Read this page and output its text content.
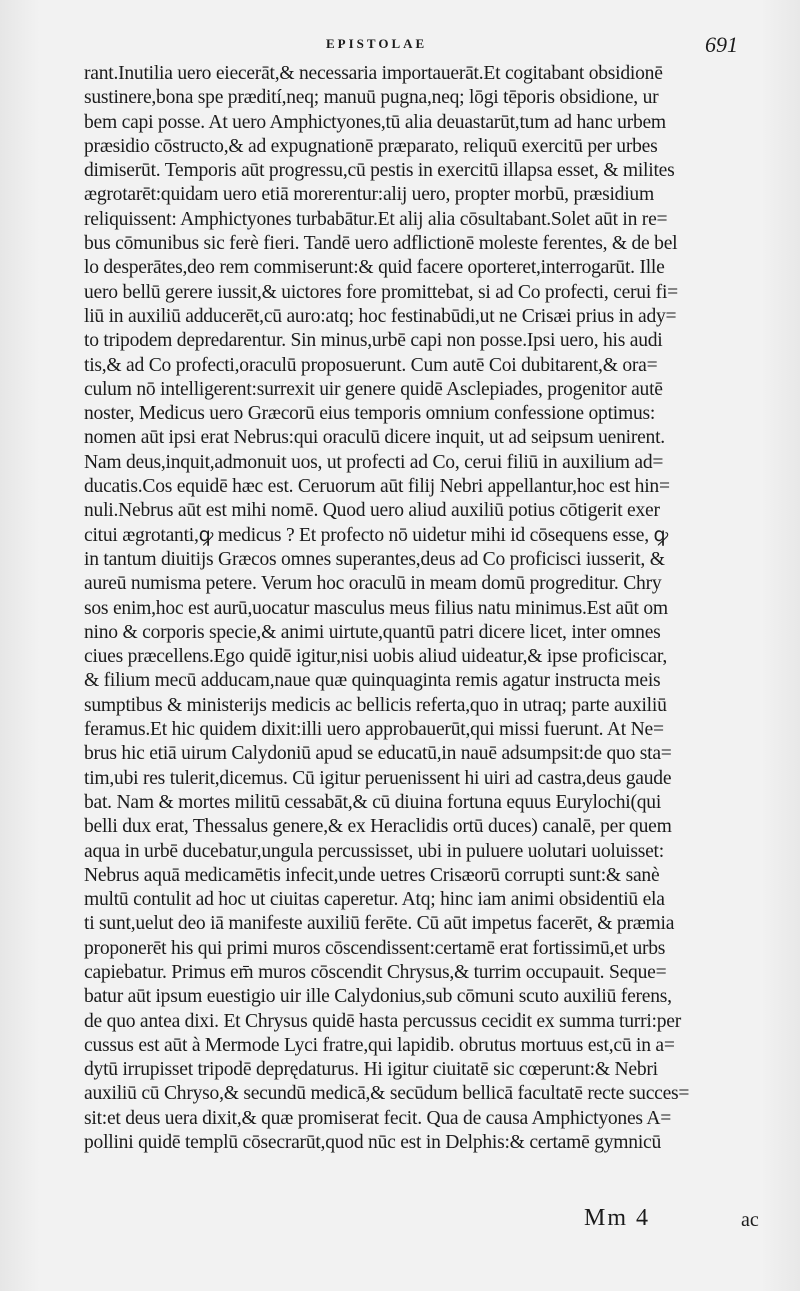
EPISTOLAE	691
rant.Inutilia uero eiecerāt,& necessaria importauerāt.Et cogitabant obsidionē
sustinere,bona spe prædití,neq; manuū pugna,neq; lōgi tēporis obsidione, ur
bem capi posse. At uero Amphictyones,tū alia deuastarūt,tum ad hanc urbem
præsidio cōstructo,& ad expugnationē præparato, reliquū exercitū per urbes
dimiserūt. Temporis aūt progressu,cū pestis in exercitū illapsa esset, & milites
ægrotarēt:quidam uero etiā morerentur:alij uero, propter morbū, præsidium
reliquissent: Amphictyones turbabātur.Et alij alia cōsultabant.Solet aūt in re=
bus cōmunibus sic ferè fieri. Tandē uero adflictionē moleste ferentes, & de bel
lo desperātes,deo rem commiserunt:& quid facere oporteret,interrogarūt. Ille
uero bellū gerere iussit,& uictores fore promittebat, si ad Co profecti, cerui fi=
liū in auxiliū adducerēt,cū auro:atq; hoc festinabūdi,ut ne Crisæi prius in ady=
to tripodem depredarentur. Sin minus,urbē capi non posse.Ipsi uero, his audi
tis,& ad Co profecti,oraculū proposuerunt. Cum autē Coi dubitarent,& ora=
culum nō intelligerent:surrexit uir genere quidē Asclepiades, progenitor autē
noster, Medicus uero Græcorū eius temporis omnium confessione optimus:
nomen aūt ipsi erat Nebrus:qui oraculū dicere inquit, ut ad seipsum uenirent.
Nam deus,inquit,admonuit uos, ut profecti ad Co, cerui filiū in auxilium ad=
ducatis.Cos equidē hæc est. Ceruorum aūt filij Nebri appellantur,hoc est hin=
nuli.Nebrus aūt est mihi nomē. Quod uero aliud auxiliū potius cōtigerit exer
citui ægrotanti,ꝙ medicus ? Et profecto nō uidetur mihi id cōsequens esse, ꝙ
in tantum diuitijs Græcos omnes superantes,deus ad Co proficisci iusserit, &
aureū numisma petere. Verum hoc oraculū in meam domū progreditur. Chry
sos enim,hoc est aurū,uocatur masculus meus filius natu minimus.Est aūt om
nino & corporis specie,& animi uirtute,quantū patri dicere licet, inter omnes
ciues præcellens.Ego quidē igitur,nisi uobis aliud uideatur,& ipse proficiscar,
& filium mecū adducam,naue quæ quinquaginta remis agatur instructa meis
sumptibus & ministerijs medicis ac bellicis referta,quo in utraq; parte auxiliū
feramus.Et hic quidem dixit:illi uero approbauerūt,qui missi fuerunt. At Ne=
brus hic etiā uirum Calydoniū apud se educatū,in nauē adsumpsit:de quo sta=
tim,ubi res tulerit,dicemus. Cū igitur peruenissent hi uiri ad castra,deus gaude
bat. Nam & mortes militū cessabāt,& cū diuina fortuna equus Eurylochi(qui
belli dux erat, Thessalus genere,& ex Heraclidis ortū duces) canalē, per quem
aqua in urbē ducebatur,ungula percussisset, ubi in puluere uolutari uoluisset:
Nebrus aquā medicamētis infecit,unde uetres Crisæorū corrupti sunt:& sanè
multū contulit ad hoc ut ciuitas caperetur. Atq; hinc iam animi obsidentiū ela
ti sunt,uelut deo iā manifeste auxiliū ferēte. Cū aūt impetus facerēt, & præmia
proponerēt his qui primi muros cōscendissent:certamē erat fortissimū,et urbs
capiebatur. Primus em̄ muros cōscendit Chrysus,& turrim occupauit. Seque=
batur aūt ipsum euestigio uir ille Calydonius,sub cōmuni scuto auxiliū ferens,
de quo antea dixi. Et Chrysus quidē hasta percussus cecidit ex summa turri:per
cussus est aūt à Mermode Lyci fratre,qui lapidib. obrutus mortuus est,cū in a=
dytū irrupisset tripodē deprędaturus. Hi igitur ciuitatē sic cœperunt:& Nebri
auxiliū cū Chryso,& secundū medicā,& secūdum bellicā facultatē recte succes=
sit:et deus uera dixit,& quæ promiserat fecit. Qua de causa Amphictyones A=
pollini quidē templū cōsecrarūt,quod nūc est in Delphis:& certamē gymnicū
Mm 4	ac
